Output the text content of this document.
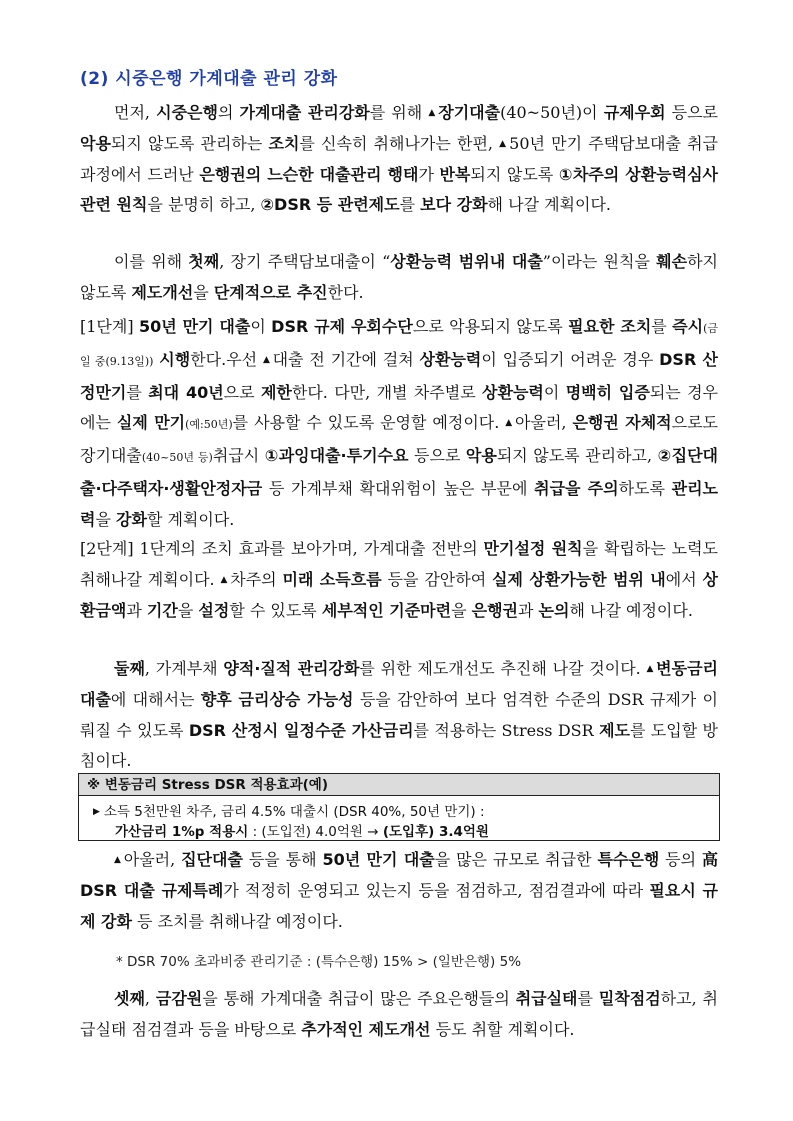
(2) 시중은행 가계대출 관리 강화

먼저, 시중은행의 가계대출 관리강화를 위해 ▲ 장기대출(40~50년)이 규제우회 등으로 악용되지 않도록 관리하는 조치를 신속히 취해나가는 한편, ▲ 50년 만기 주택담보대출 취급과정에서 드러난 은행권의 느슨한 대출관리 행태가 반복되지 않도록 ①차주의 상환능력심사 관련 원칙을 분명히 하고, ②DSR 등 관련제도를 보다 강화해 나갈 계획이다.

이를 위해 첫째, 장기 주택담보대출이 “상환능력 범위내 대출”이라는 원칙을 훼손하지 않도록 제도개선을 단계적으로 추진한다.

[1단계] 50년 만기 대출이 DSR 규제 우회수단으로 악용되지 않도록 필요한 조치를 즉시(금일 중(9.13일)) 시행한다.우선 ▲ 대출 전 기간에 걸쳐 상환능력이 입증되기 어려운 경우 DSR 산정만기를 최대 40년으로 제한한다. 다만, 개별 차주별로 상환능력이 명백히 입증되는 경우에는 실제 만기(예:50년)를 사용할 수 있도록 운영할 예정이다. ▲ 아울러, 은행권 자체적으로도 장기대출(40~50년 등)취급시 ①과잉대출·투기수요 등으로 악용되지 않도록 관리하고, ②집단대출·다주택자·생활안정자금 등 가계부채 확대위험이 높은 부문에 취급을 주의하도록 관리노력을 강화할 계획이다.

[2단계] 1단계의 조치 효과를 보아가며, 가계대출 전반의 만기설정 원칙을 확립하는 노력도 취해나갈 계획이다. ▲ 차주의 미래 소득흐름 등을 감안하여 실제 상환가능한 범위 내에서 상환금액과 기간을 설정할 수 있도록 세부적인 기준마련을 은행권과 논의해 나갈 예정이다.

둘째, 가계부채 양적·질적 관리강화를 위한 제도개선도 추진해 나갈 것이다. ▲ 변동금리 대출에 대해서는 향후 금리상승 가능성 등을 감안하여 보다 엄격한 수준의 DSR 규제가 이뤄질 수 있도록 DSR 산정시 일정수준 가산금리를 적용하는 Stress DSR 제도를 도입할 방침이다.

※ 변동금리 Stress DSR 적용효과(예)
▶ 소득 5천만원 차주, 금리 4.5% 대출시 (DSR 40%, 50년 만기) :
가산금리 1%p 적용시 : (도입전) 4.0억원 → (도입후) 3.4억원

▲ 아울러, 집단대출 등을 통해 50년 만기 대출을 많은 규모로 취급한 특수은행 등의 高DSR 대출 규제특례가 적정히 운영되고 있는지 등을 점검하고, 점검결과에 따라 필요시 규제 강화 등 조치를 취해나갈 예정이다.

* DSR 70% 초과비중 관리기준 : (특수은행) 15% > (일반은행) 5%

셋째, 금감원을 통해 가계대출 취급이 많은 주요은행들의 취급실태를 밀착점검하고, 취급실태 점검결과 등을 바탕으로 추가적인 제도개선 등도 취할 계획이다.
